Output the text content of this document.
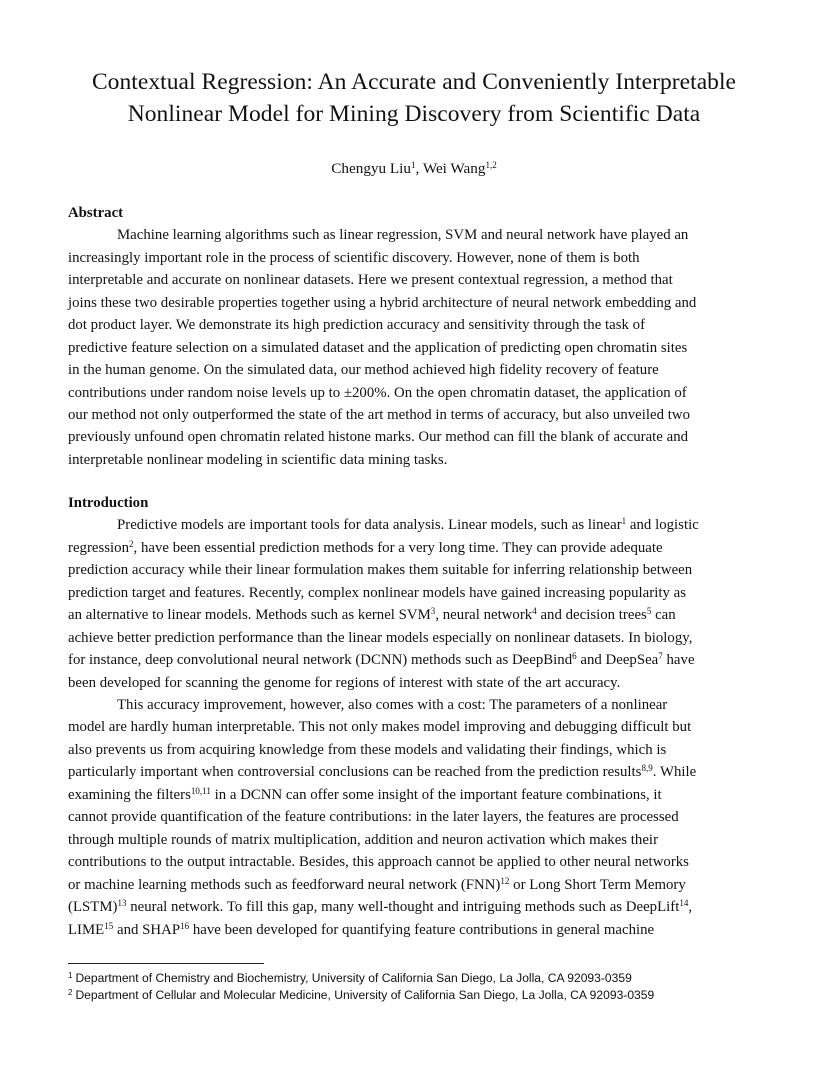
Contextual Regression: An Accurate and Conveniently Interpretable
Nonlinear Model for Mining Discovery from Scientific Data
Chengyu Liu$^1$, Wei Wang$^{1,2}$
Abstract
Machine learning algorithms such as linear regression, SVM and neural network have played an
increasingly important role in the process of scientific discovery. However, none of them is both
interpretable and accurate on nonlinear datasets. Here we present contextual regression, a method that
joins these two desirable properties together using a hybrid architecture of neural network embedding and
dot product layer. We demonstrate its high prediction accuracy and sensitivity through the task of
predictive feature selection on a simulated dataset and the application of predicting open chromatin sites
in the human genome. On the simulated data, our method achieved high fidelity recovery of feature
contributions under random noise levels up to ±200%. On the open chromatin dataset, the application of
our method not only outperformed the state of the art method in terms of accuracy, but also unveiled two
previously unfound open chromatin related histone marks. Our method can fill the blank of accurate and
interpretable nonlinear modeling in scientific data mining tasks.
Introduction
Predictive models are important tools for data analysis. Linear models, such as linear$^1$ and logistic
regression$^2$, have been essential prediction methods for a very long time. They can provide adequate
prediction accuracy while their linear formulation makes them suitable for inferring relationship between
prediction target and features. Recently, complex nonlinear models have gained increasing popularity as
an alternative to linear models. Methods such as kernel SVM$^3$, neural network$^4$ and decision trees$^5$ can
achieve better prediction performance than the linear models especially on nonlinear datasets. In biology,
for instance, deep convolutional neural network (DCNN) methods such as DeepBind$^6$ and DeepSea$^7$ have
been developed for scanning the genome for regions of interest with state of the art accuracy.
This accuracy improvement, however, also comes with a cost: The parameters of a nonlinear
model are hardly human interpretable. This not only makes model improving and debugging difficult but
also prevents us from acquiring knowledge from these models and validating their findings, which is
particularly important when controversial conclusions can be reached from the prediction results$^{8,9}$. While
examining the filters$^{10,11}$ in a DCNN can offer some insight of the important feature combinations, it
cannot provide quantification of the feature contributions: in the later layers, the features are processed
through multiple rounds of matrix multiplication, addition and neuron activation which makes their
contributions to the output intractable. Besides, this approach cannot be applied to other neural networks
or machine learning methods such as feedforward neural network (FNN)$^{12}$ or Long Short Term Memory
(LSTM)$^{13}$ neural network. To fill this gap, many well-thought and intriguing methods such as DeepLift$^{14}$,
LIME$^{15}$ and SHAP$^{16}$ have been developed for quantifying feature contributions in general machine
$^1$ Department of Chemistry and Biochemistry, University of California San Diego, La Jolla, CA 92093-0359
$^2$ Department of Cellular and Molecular Medicine, University of California San Diego, La Jolla, CA 92093-0359
